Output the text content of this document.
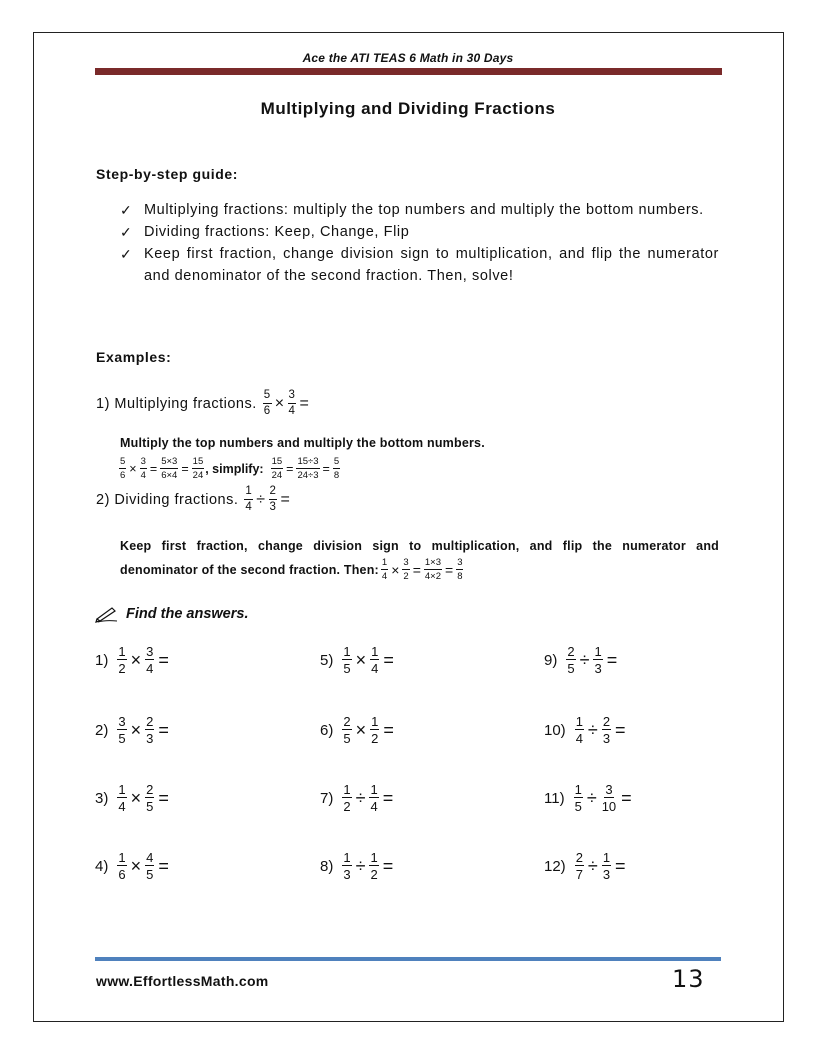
Ace the ATI TEAS 6 Math in 30 Days
Multiplying and Dividing Fractions
Step-by-step guide:
✓ Multiplying fractions: multiply the top numbers and multiply the bottom numbers.
✓ Dividing fractions: Keep, Change, Flip
✓ Keep first fraction, change division sign to multiplication, and flip the numerator and denominator of the second fraction. Then, solve!
Examples:
1) Multiplying fractions. $\frac{5}{6} \times \frac{3}{4}$ =
Multiply the top numbers and multiply the bottom numbers.
$\frac{5}{6} \times \frac{3}{4} = \frac{5\times 3}{6\times 4} = \frac{15}{24}$ , simplify: $\frac{15}{24} = \frac{15\div 3}{24\div 3} = \frac{5}{8}$
2) Dividing fractions. $\frac{1}{4} \div \frac{2}{3}$ =
Keep first fraction, change division sign to multiplication, and flip the numerator and
denominator of the second fraction. Then: $\frac{1}{4} \times \frac{3}{2} = \frac{1\times 3}{4\times 2} = \frac{3}{8}$
Find the answers.
$1) \frac{1}{2} \times \frac{3}{4}$ =
$2) \frac{3}{5} \times \frac{2}{3}$ =
$3) \frac{1}{4} \times \frac{2}{5}$ =
$4) \frac{1}{6} \times \frac{4}{5}$ =
$5) \frac{1}{5} \times \frac{1}{4}$ =
$6) \frac{2}{5} \times \frac{1}{2}$ =
$7) \frac{1}{2} \div \frac{1}{4}$ =
$8) \frac{1}{3} \div \frac{1}{2}$ =
$9) \frac{2}{5} \div \frac{1}{3}$ =
$10) \frac{1}{4} \div \frac{2}{3}$ =
$11) \frac{1}{5} \div \frac{3}{10}$ =
$12) \frac{2}{7} \div \frac{1}{3}$ =
www.EffortlessMath.com	13
